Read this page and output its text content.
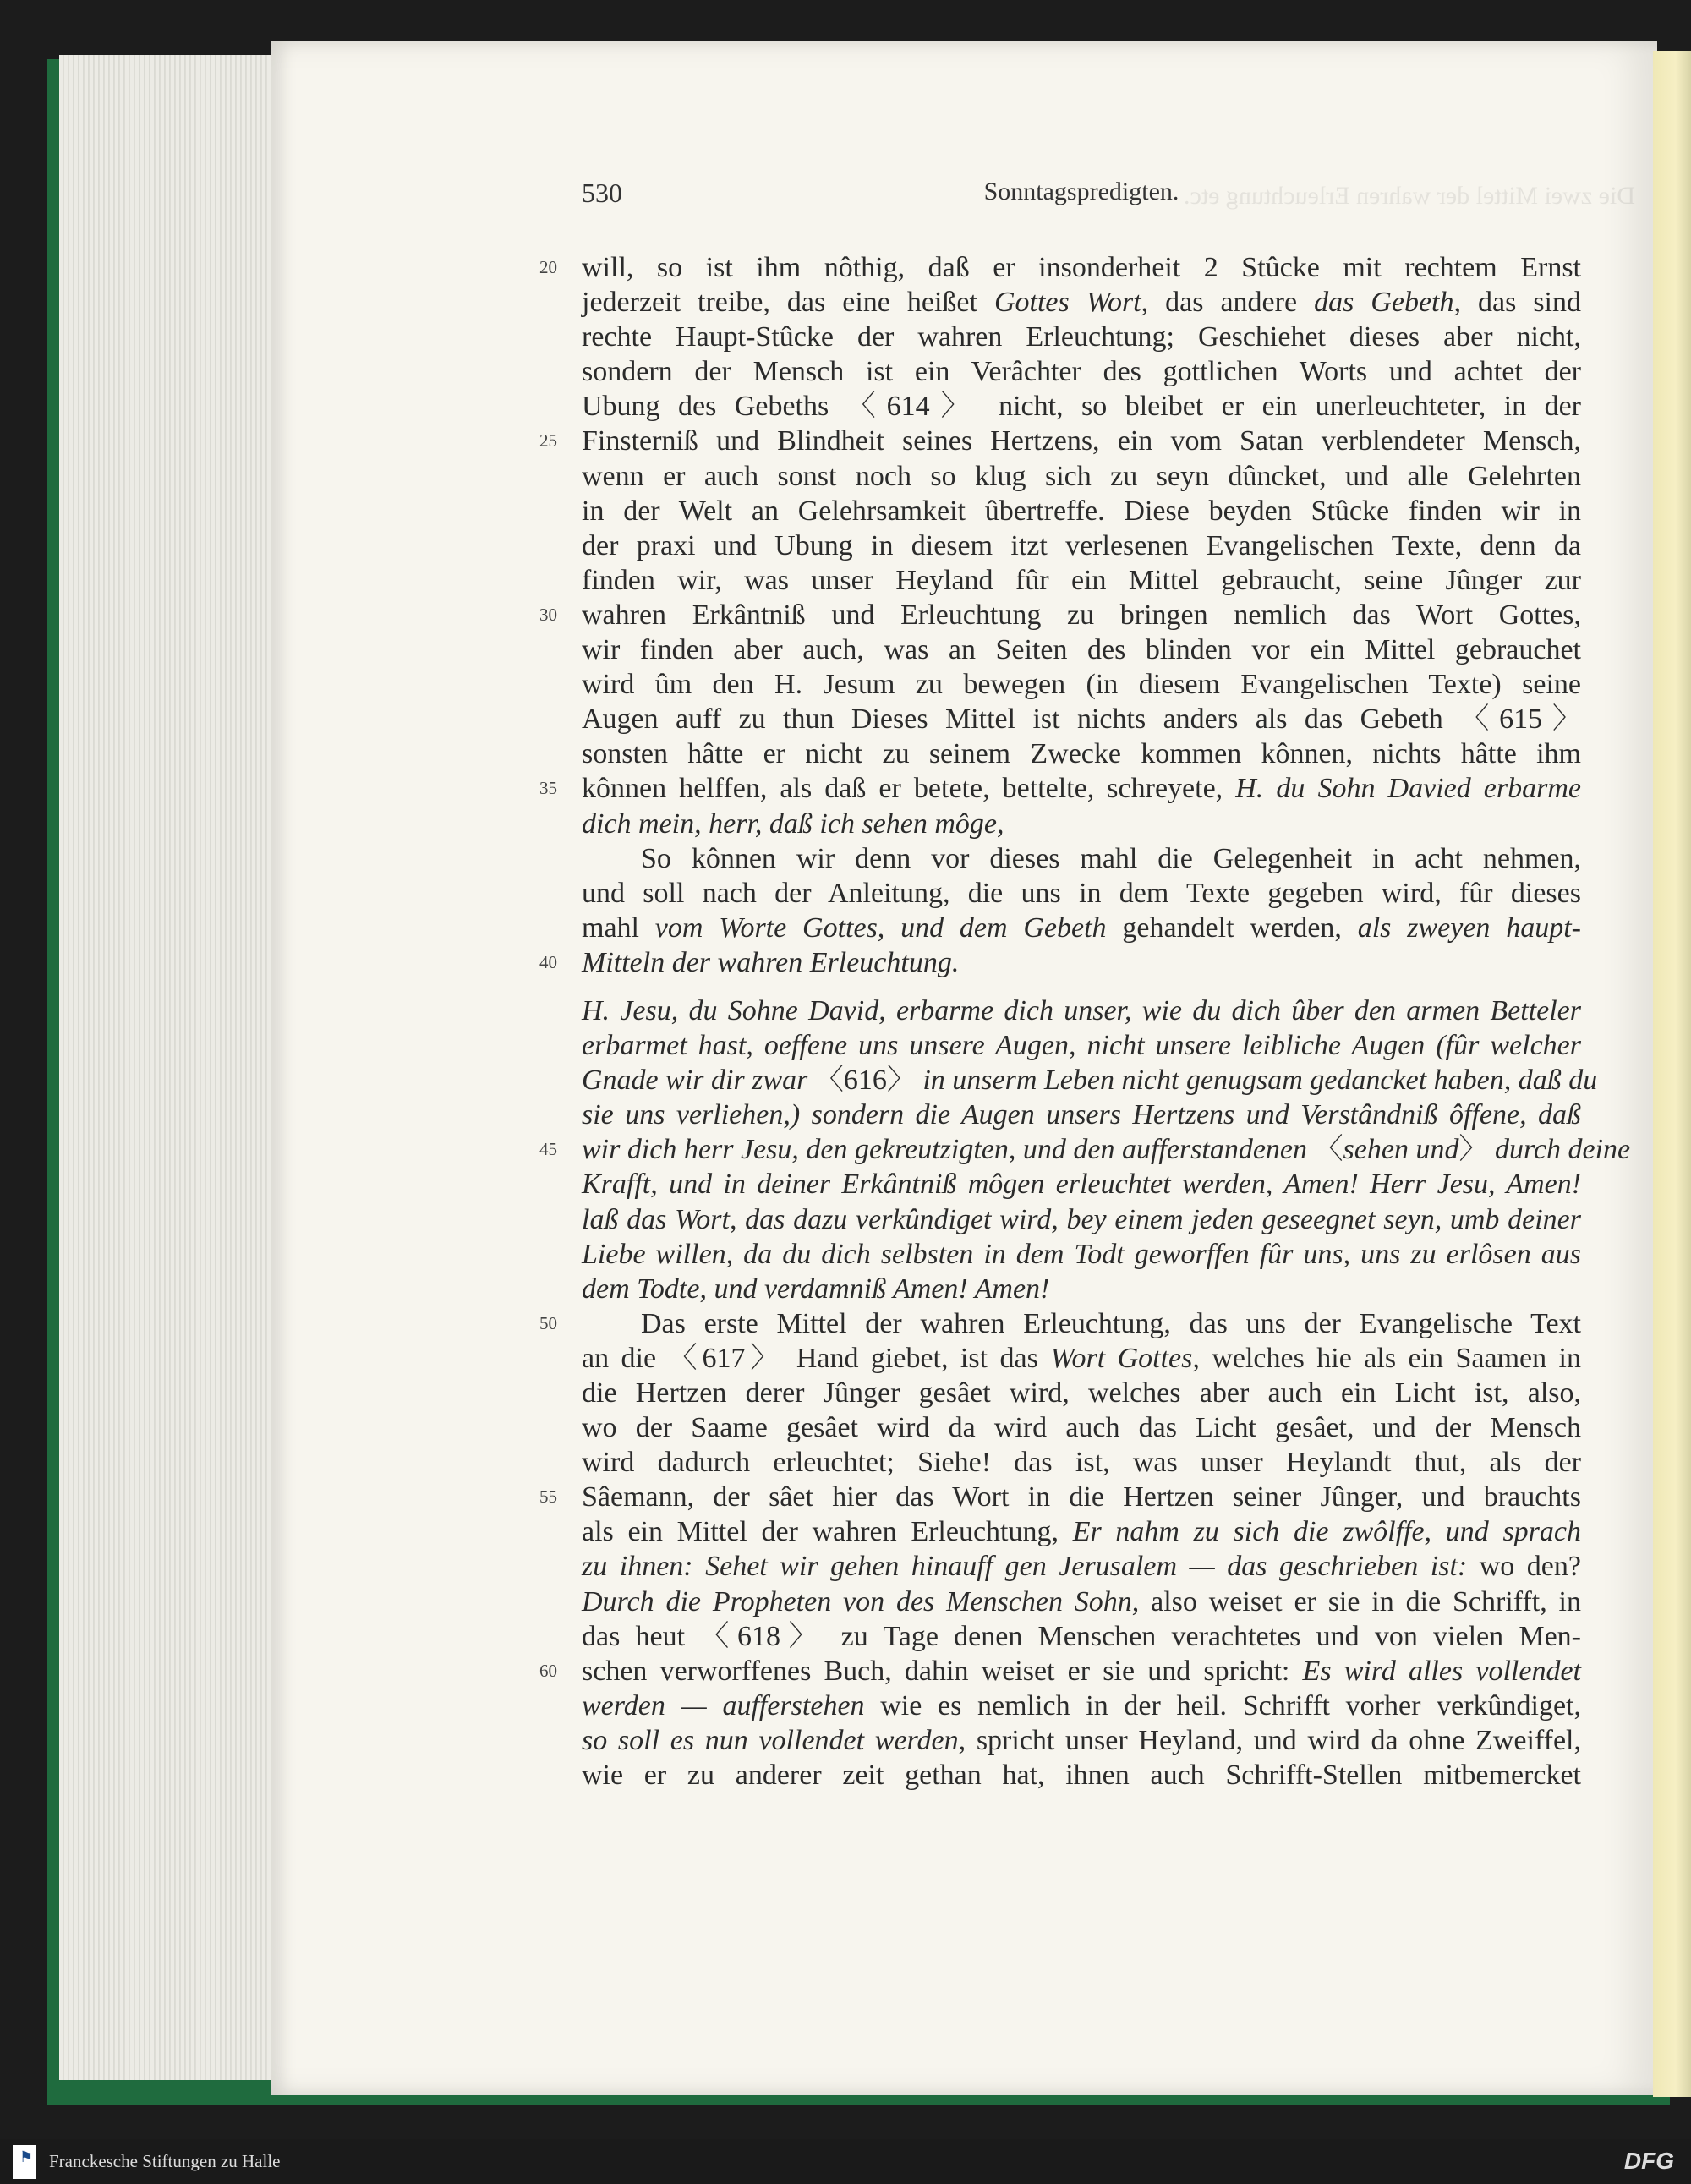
Die zwei Mittel der wahren Erleuchtung etc.
530	Sonntagspredigten.
20 will, so ist ihm nôthig, daß er insonderheit 2 Stûcke mit rechtem Ernst
jederzeit treibe, das eine heißet Gottes Wort, das andere das Gebeth, das sind
rechte Haupt-Stûcke der wahren Erleuchtung; Geschiehet dieses aber nicht,
sondern der Mensch ist ein Verâchter des gottlichen Worts und achtet der
Ubung des Gebeths 〈614〉 nicht, so bleibet er ein unerleuchteter, in der
25 Finsterniß und Blindheit seines Hertzens, ein vom Satan verblendeter Mensch,
wenn er auch sonst noch so klug sich zu seyn dûncket, und alle Gelehrten
in der Welt an Gelehrsamkeit ûbertreffe. Diese beyden Stûcke finden wir in
der praxi und Ubung in diesem itzt verlesenen Evangelischen Texte, denn da
finden wir, was unser Heyland fûr ein Mittel gebraucht, seine Jûnger zur
30 wahren Erkântniß und Erleuchtung zu bringen nemlich das Wort Gottes,
wir finden aber auch, was an Seiten des blinden vor ein Mittel gebrauchet
wird ûm den H. Jesum zu bewegen (in diesem Evangelischen Texte) seine
Augen auff zu thun Dieses Mittel ist nichts anders als das Gebeth 〈615〉
sonsten hâtte er nicht zu seinem Zwecke kommen kônnen, nichts hâtte ihm
35 kônnen helffen, als daß er betete, bettelte, schreyete, H. du Sohn Davied erbarme
dich mein, herr, daß ich sehen môge,
So kônnen wir denn vor dieses mahl die Gelegenheit in acht nehmen,
und soll nach der Anleitung, die uns in dem Texte gegeben wird, fûr dieses
mahl vom Worte Gottes, und dem Gebeth gehandelt werden, als zweyen haupt-
40 Mitteln der wahren Erleuchtung.
H. Jesu, du Sohne David, erbarme dich unser, wie du dich ûber den armen Betteler
erbarmet hast, oeffene uns unsere Augen, nicht unsere leibliche Augen (fûr welcher
Gnade wir dir zwar 〈616〉 in unserm Leben nicht genugsam gedancket haben, daß du
sie uns verliehen,) sondern die Augen unsers Hertzens und Verstândniß ôffene, daß
45 wir dich herr Jesu, den gekreutzigten, und den aufferstandenen 〈sehen und〉 durch deine
Krafft, und in deiner Erkântniß môgen erleuchtet werden, Amen! Herr Jesu, Amen!
laß das Wort, das dazu verkûndiget wird, bey einem jeden geseegnet seyn, umb deiner
Liebe willen, da du dich selbsten in dem Todt geworffen fûr uns, uns zu erlôsen aus
dem Todte, und verdamniß Amen! Amen!
50	Das erste Mittel der wahren Erleuchtung, das uns der Evangelische Text
an die 〈617〉 Hand giebet, ist das Wort Gottes, welches hie als ein Saamen in
die Hertzen derer Jûnger gesâet wird, welches aber auch ein Licht ist, also,
wo der Saame gesâet wird da wird auch das Licht gesâet, und der Mensch
wird dadurch erleuchtet; Siehe! das ist, was unser Heylandt thut, als der
55 Sâemann, der sâet hier das Wort in die Hertzen seiner Jûnger, und brauchts
als ein Mittel der wahren Erleuchtung, Er nahm zu sich die zwôlffe, und sprach
zu ihnen: Sehet wir gehen hinauff gen Jerusalem — das geschrieben ist: wo den?
Durch die Propheten von des Menschen Sohn, also weiset er sie in die Schrifft, in
das heut 〈618〉 zu Tage denen Menschen verachtetes und von vielen Men-
60 schen verworffenes Buch, dahin weiset er sie und spricht: Es wird alles vollendet
werden — aufferstehen wie es nemlich in der heil. Schrifft vorher verkûndiget,
so soll es nun vollendet werden, spricht unser Heyland, und wird da ohne Zweiffel,
wie er zu anderer zeit gethan hat, ihnen auch Schrifft-Stellen mitbemercket
⚑ Franckesche Stiftungen zu Halle	DFG
